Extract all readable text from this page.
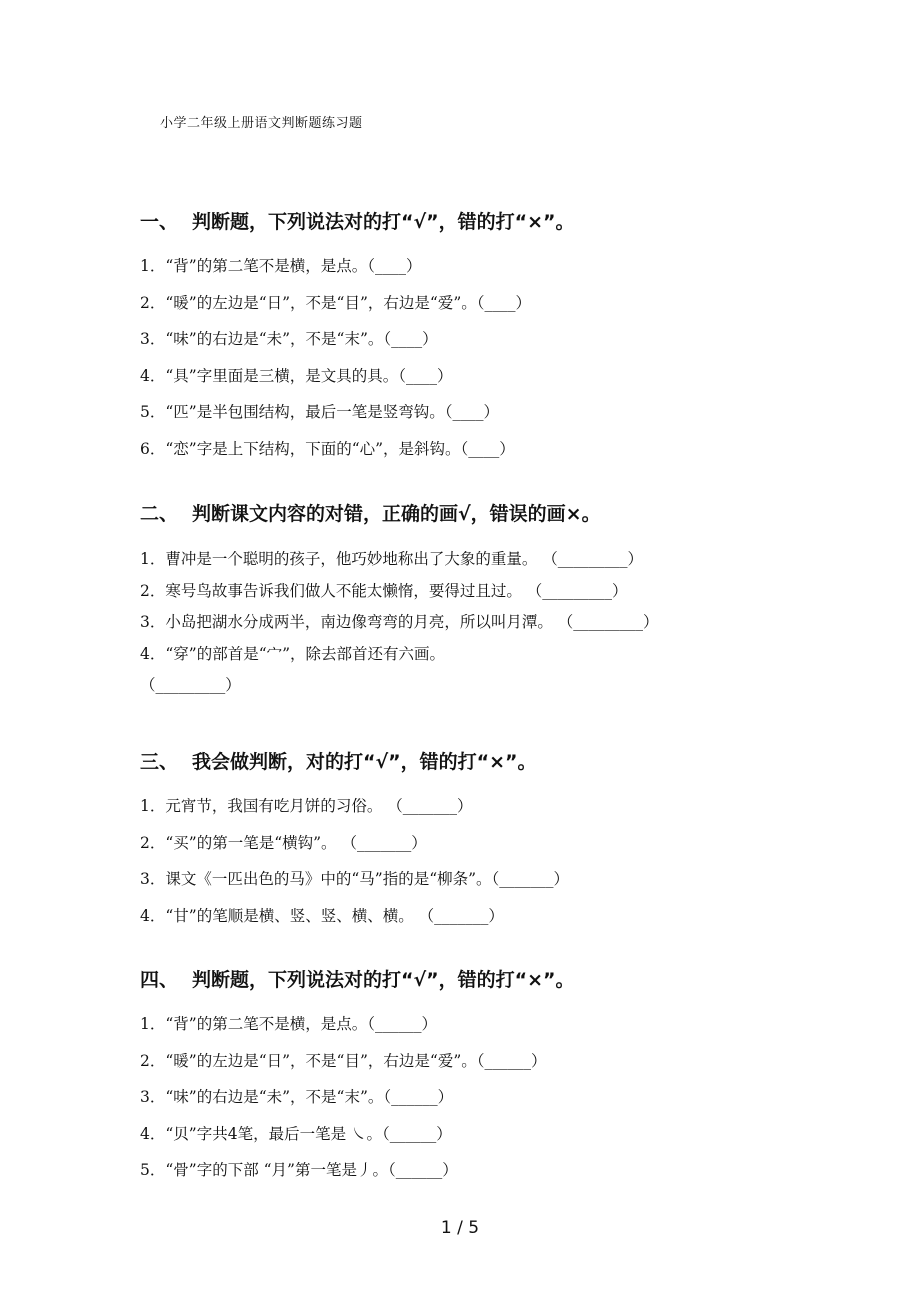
小学二年级上册语文判断题练习题
一、 判断题，下列说法对的打“√”，错的打“×”。
1．“背”的第二笔不是横，是点。（____）
2．“暖”的左边是“日”，不是“目”，右边是“爱”。（____）
3．“味”的右边是“未”，不是“末”。（____）
4．“具”字里面是三横，是文具的具。（____）
5．“匹”是半包围结构，最后一笔是竖弯钩。（____）
6．“恋”字是上下结构，下面的“心”，是斜钩。（____）
二、 判断课文内容的对错，正确的画√，错误的画×。
1．曹冲是一个聪明的孩子，他巧妙地称出了大象的重量。 （_________）
2．寒号鸟故事告诉我们做人不能太懒惰，要得过且过。 （_________）
3．小岛把湖水分成两半，南边像弯弯的月亮，所以叫月潭。 （_________）
4．“穿”的部首是“宀”，除去部首还有六画。
（_________）
三、 我会做判断，对的打“√”，错的打“×”。
1．元宵节，我国有吃月饼的习俗。 （_______）
2．“买”的第一笔是“横钩”。 （_______）
3．课文《一匹出色的马》中的“马”指的是“柳条”。（_______）
4．“甘”的笔顺是横、竖、竖、横、横。 （_______）
四、 判断题，下列说法对的打“√”，错的打“×”。
1．“背”的第二笔不是横，是点。（______）
2．“暖”的左边是“日”，不是“目”，右边是“爱”。（______）
3．“味”的右边是“未”，不是“末”。（______）
4．“贝”字共4笔，最后一笔是 ㇏。（______）
5．“骨”字的下部 “月”第一笔是丿。（______）
1 / 5
